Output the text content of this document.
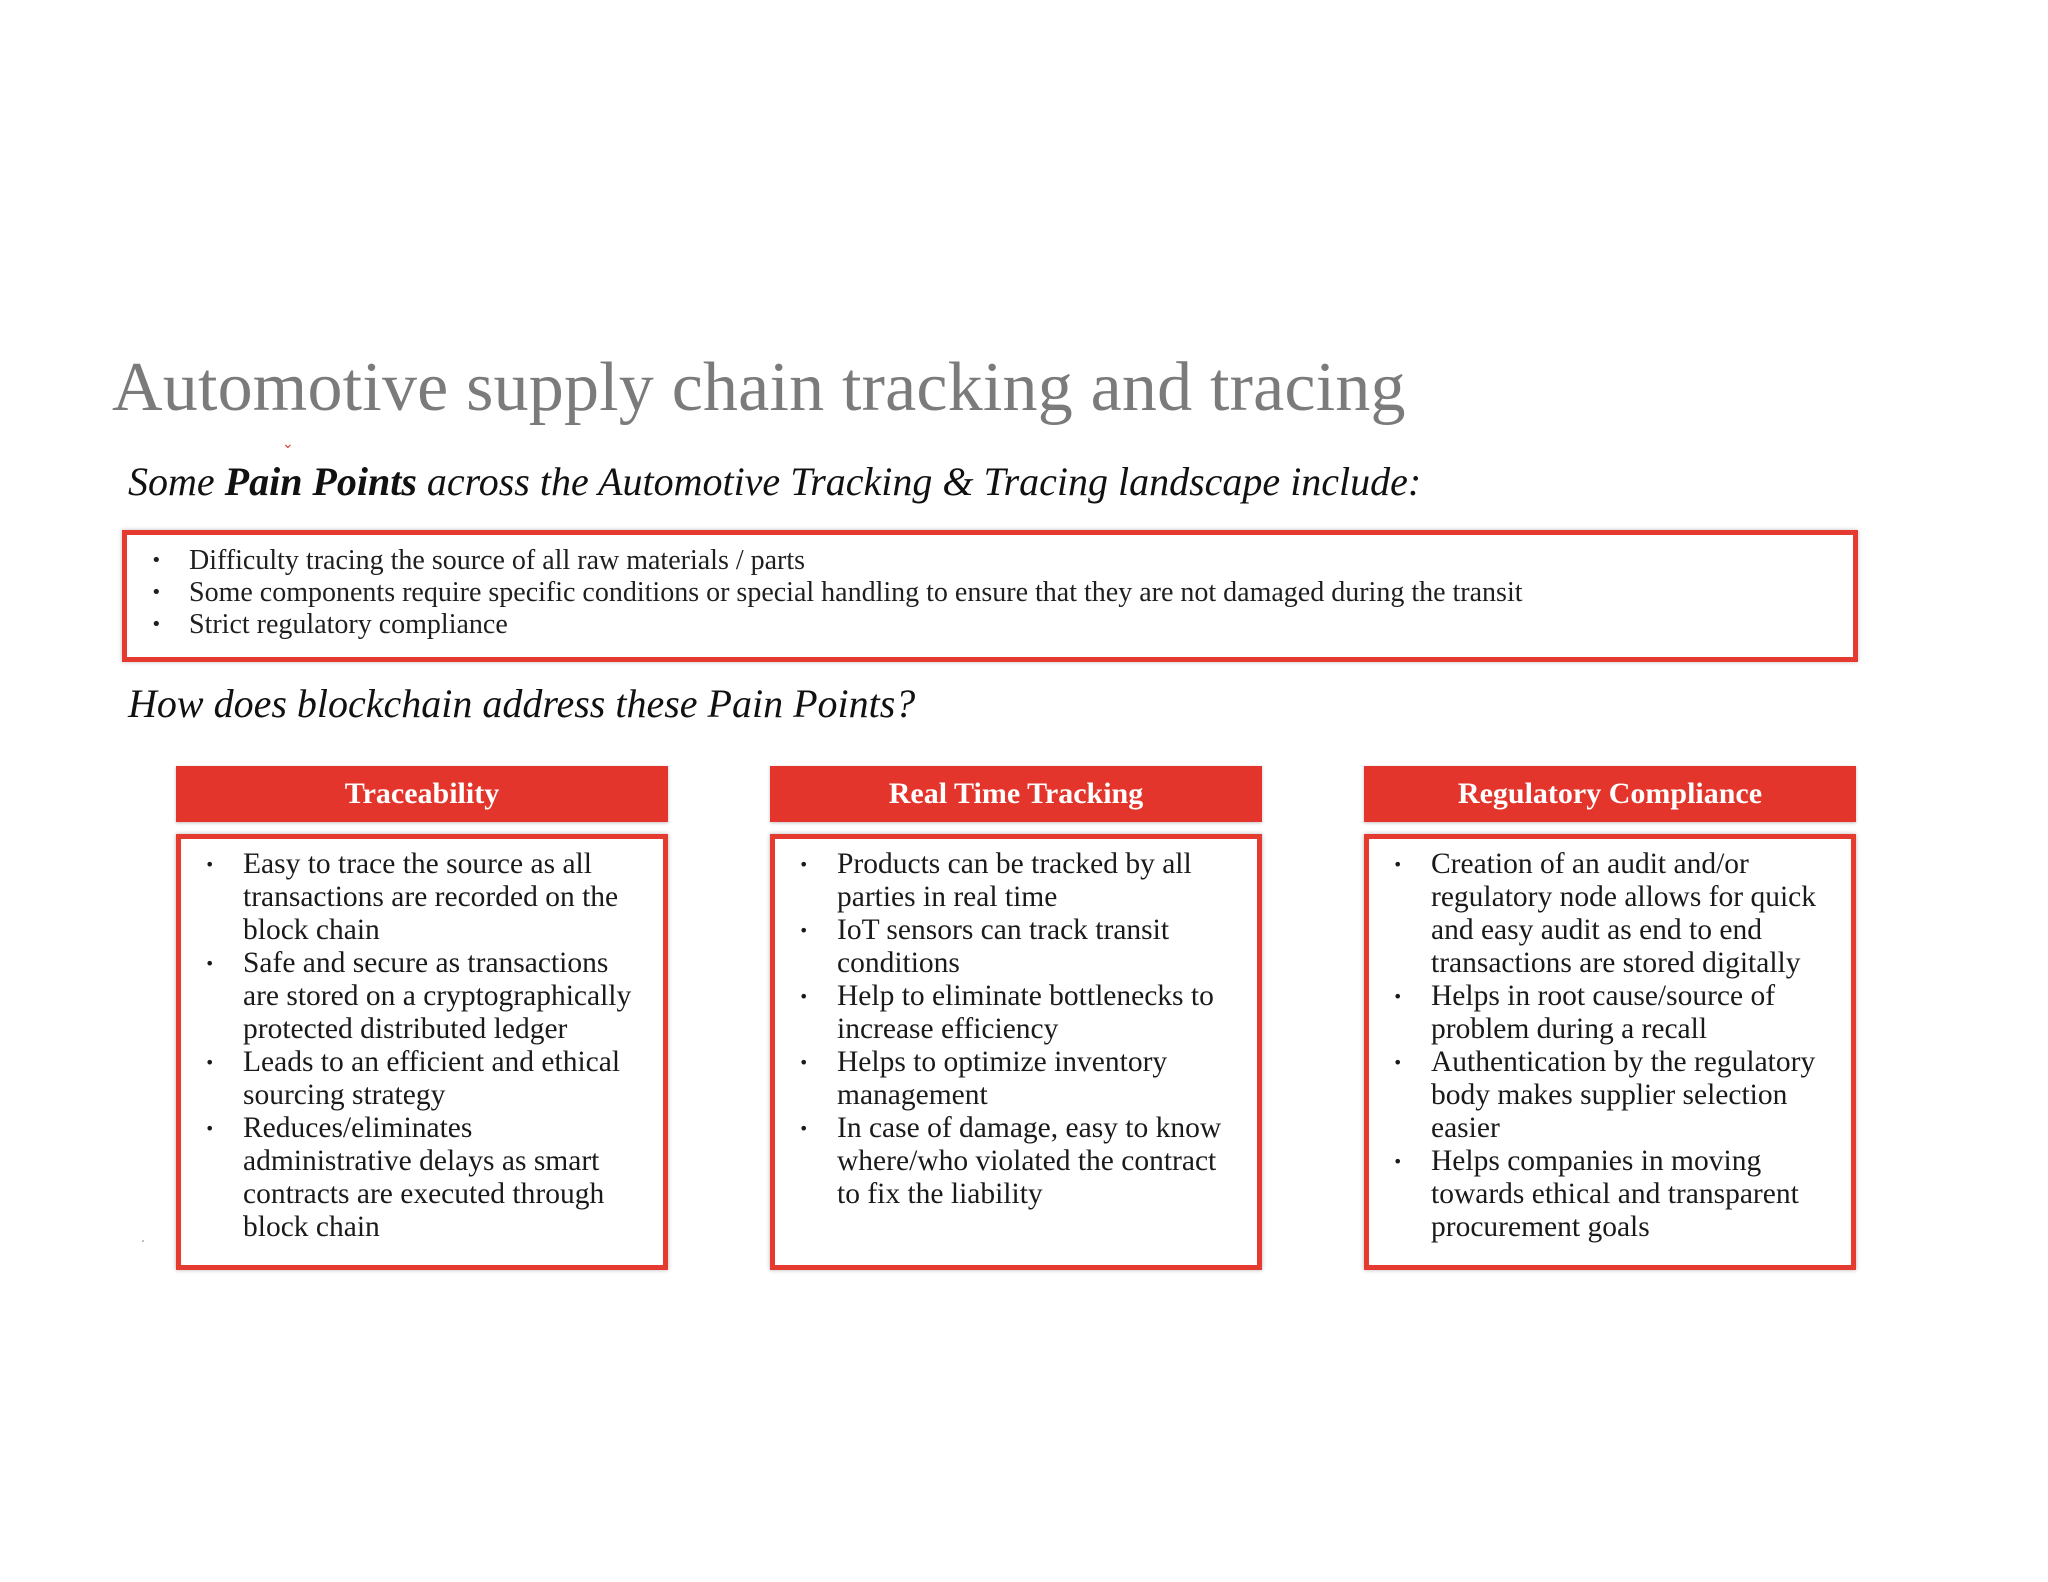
Automotive supply chain tracking and tracing
⌄
Some Pain Points across the Automotive Tracking & Tracing landscape include:
• Difficulty tracing the source of all raw materials / parts
• Some components require specific conditions or special handling to ensure that they are not damaged during the transit
• Strict regulatory compliance
How does blockchain address these Pain Points?
Traceability
• Easy to trace the source as all transactions are recorded on the block chain
• Safe and secure as transactions are stored on a cryptographically protected distributed ledger
• Leads to an efficient and ethical sourcing strategy
• Reduces/eliminates administrative delays as smart contracts are executed through block chain
Real Time Tracking
• Products can be tracked by all parties in real time
• IoT sensors can track transit conditions
• Help to eliminate bottlenecks to increase efficiency
• Helps to optimize inventory management
• In case of damage, easy to know where/who violated the contract to fix the liability
Regulatory Compliance
• Creation of an audit and/or regulatory node allows for quick and easy audit as end to end transactions are stored digitally
• Helps in root cause/source of problem during a recall
• Authentication by the regulatory body makes supplier selection easier
• Helps companies in moving towards ethical and transparent procurement goals
